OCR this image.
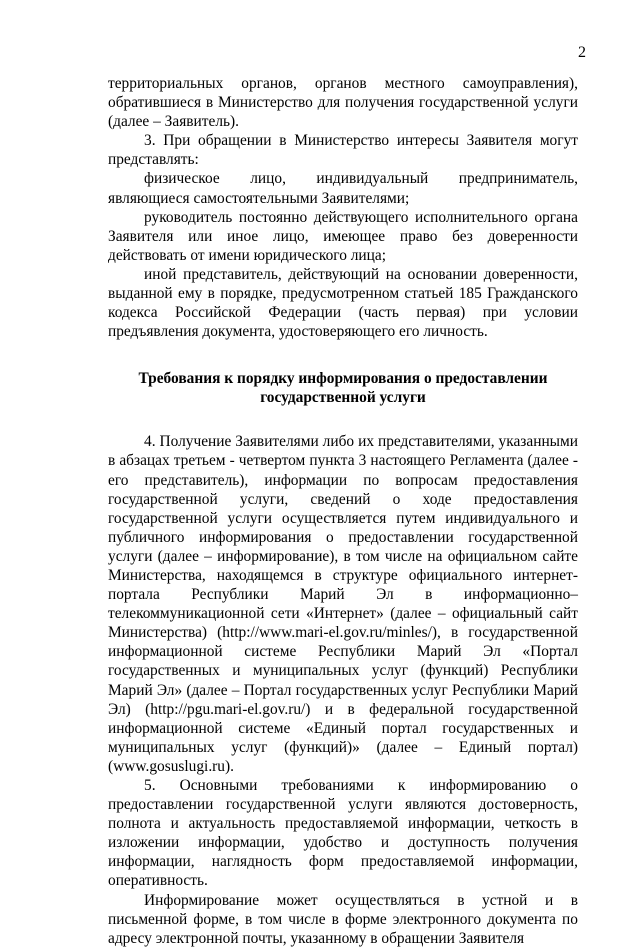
2

территориальных органов, органов местного самоуправления), обратившиеся в Министерство для получения государственной услуги (далее – Заявитель).

3. При обращении в Министерство интересы Заявителя могут представлять:

физическое лицо, индивидуальный предприниматель, являющиеся самостоятельными Заявителями;

руководитель постоянно действующего исполнительного органа Заявителя или иное лицо, имеющее право без доверенности действовать от имени юридического лица;

иной представитель, действующий на основании доверенности, выданной ему в порядке, предусмотренном статьей 185 Гражданского кодекса Российской Федерации (часть первая) при условии предъявления документа, удостоверяющего его личность.

Требования к порядку информирования о предоставлении
государственной услуги

4. Получение Заявителями либо их представителями, указанными в абзацах третьем - четвертом пункта 3 настоящего Регламента (далее - его представитель), информации по вопросам предоставления государственной услуги, сведений о ходе предоставления государственной услуги осуществляется путем индивидуального и публичного информирования о предоставлении государственной услуги (далее – информирование), в том числе на официальном сайте Министерства, находящемся в структуре официального интернет-портала Республики Марий Эл в информационно–телекоммуникационной сети «Интернет» (далее – официальный сайт Министерства) (http://www.mari-el.gov.ru/minles/), в государственной информационной системе Республики Марий Эл «Портал государственных и муниципальных услуг (функций) Республики Марий Эл» (далее – Портал государственных услуг Республики Марий Эл) (http://pgu.mari-el.gov.ru/) и в федеральной государственной информационной системе «Единый портал государственных и муниципальных услуг (функций)» (далее – Единый портал) (www.gosuslugi.ru).

5. Основными требованиями к информированию о предоставлении государственной услуги являются достоверность, полнота и актуальность предоставляемой информации, четкость в изложении информации, удобство и доступность получения информации, наглядность форм предоставляемой информации, оперативность.

Информирование может осуществляться в устной и в письменной форме, в том числе в форме электронного документа по адресу электронной почты, указанному в обращении Заявителя
